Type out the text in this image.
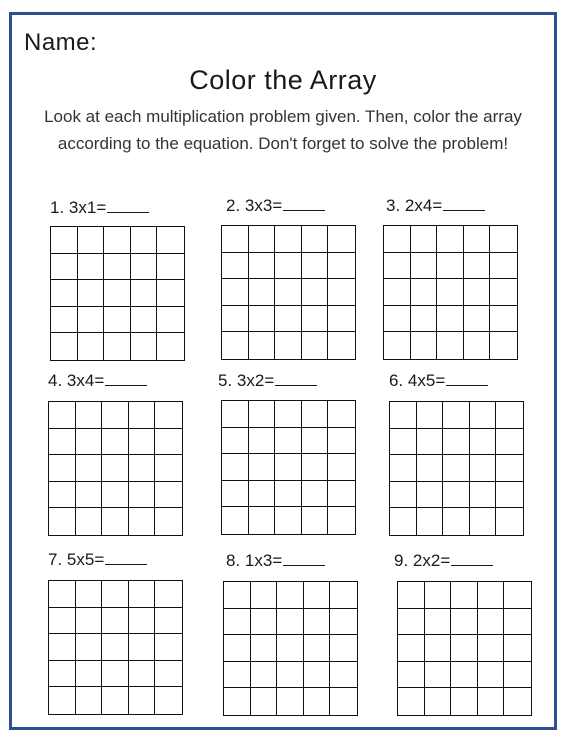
Name:
Color the Array
Look at each multiplication problem given. Then, color the array according to the equation. Don't forget to solve the problem!
1. 3x1=	2. 3x3=	3. 2x4=
4. 3x4=	5. 3x2=	6. 4x5=
7. 5x5=	8. 1x3=	9. 2x2=
